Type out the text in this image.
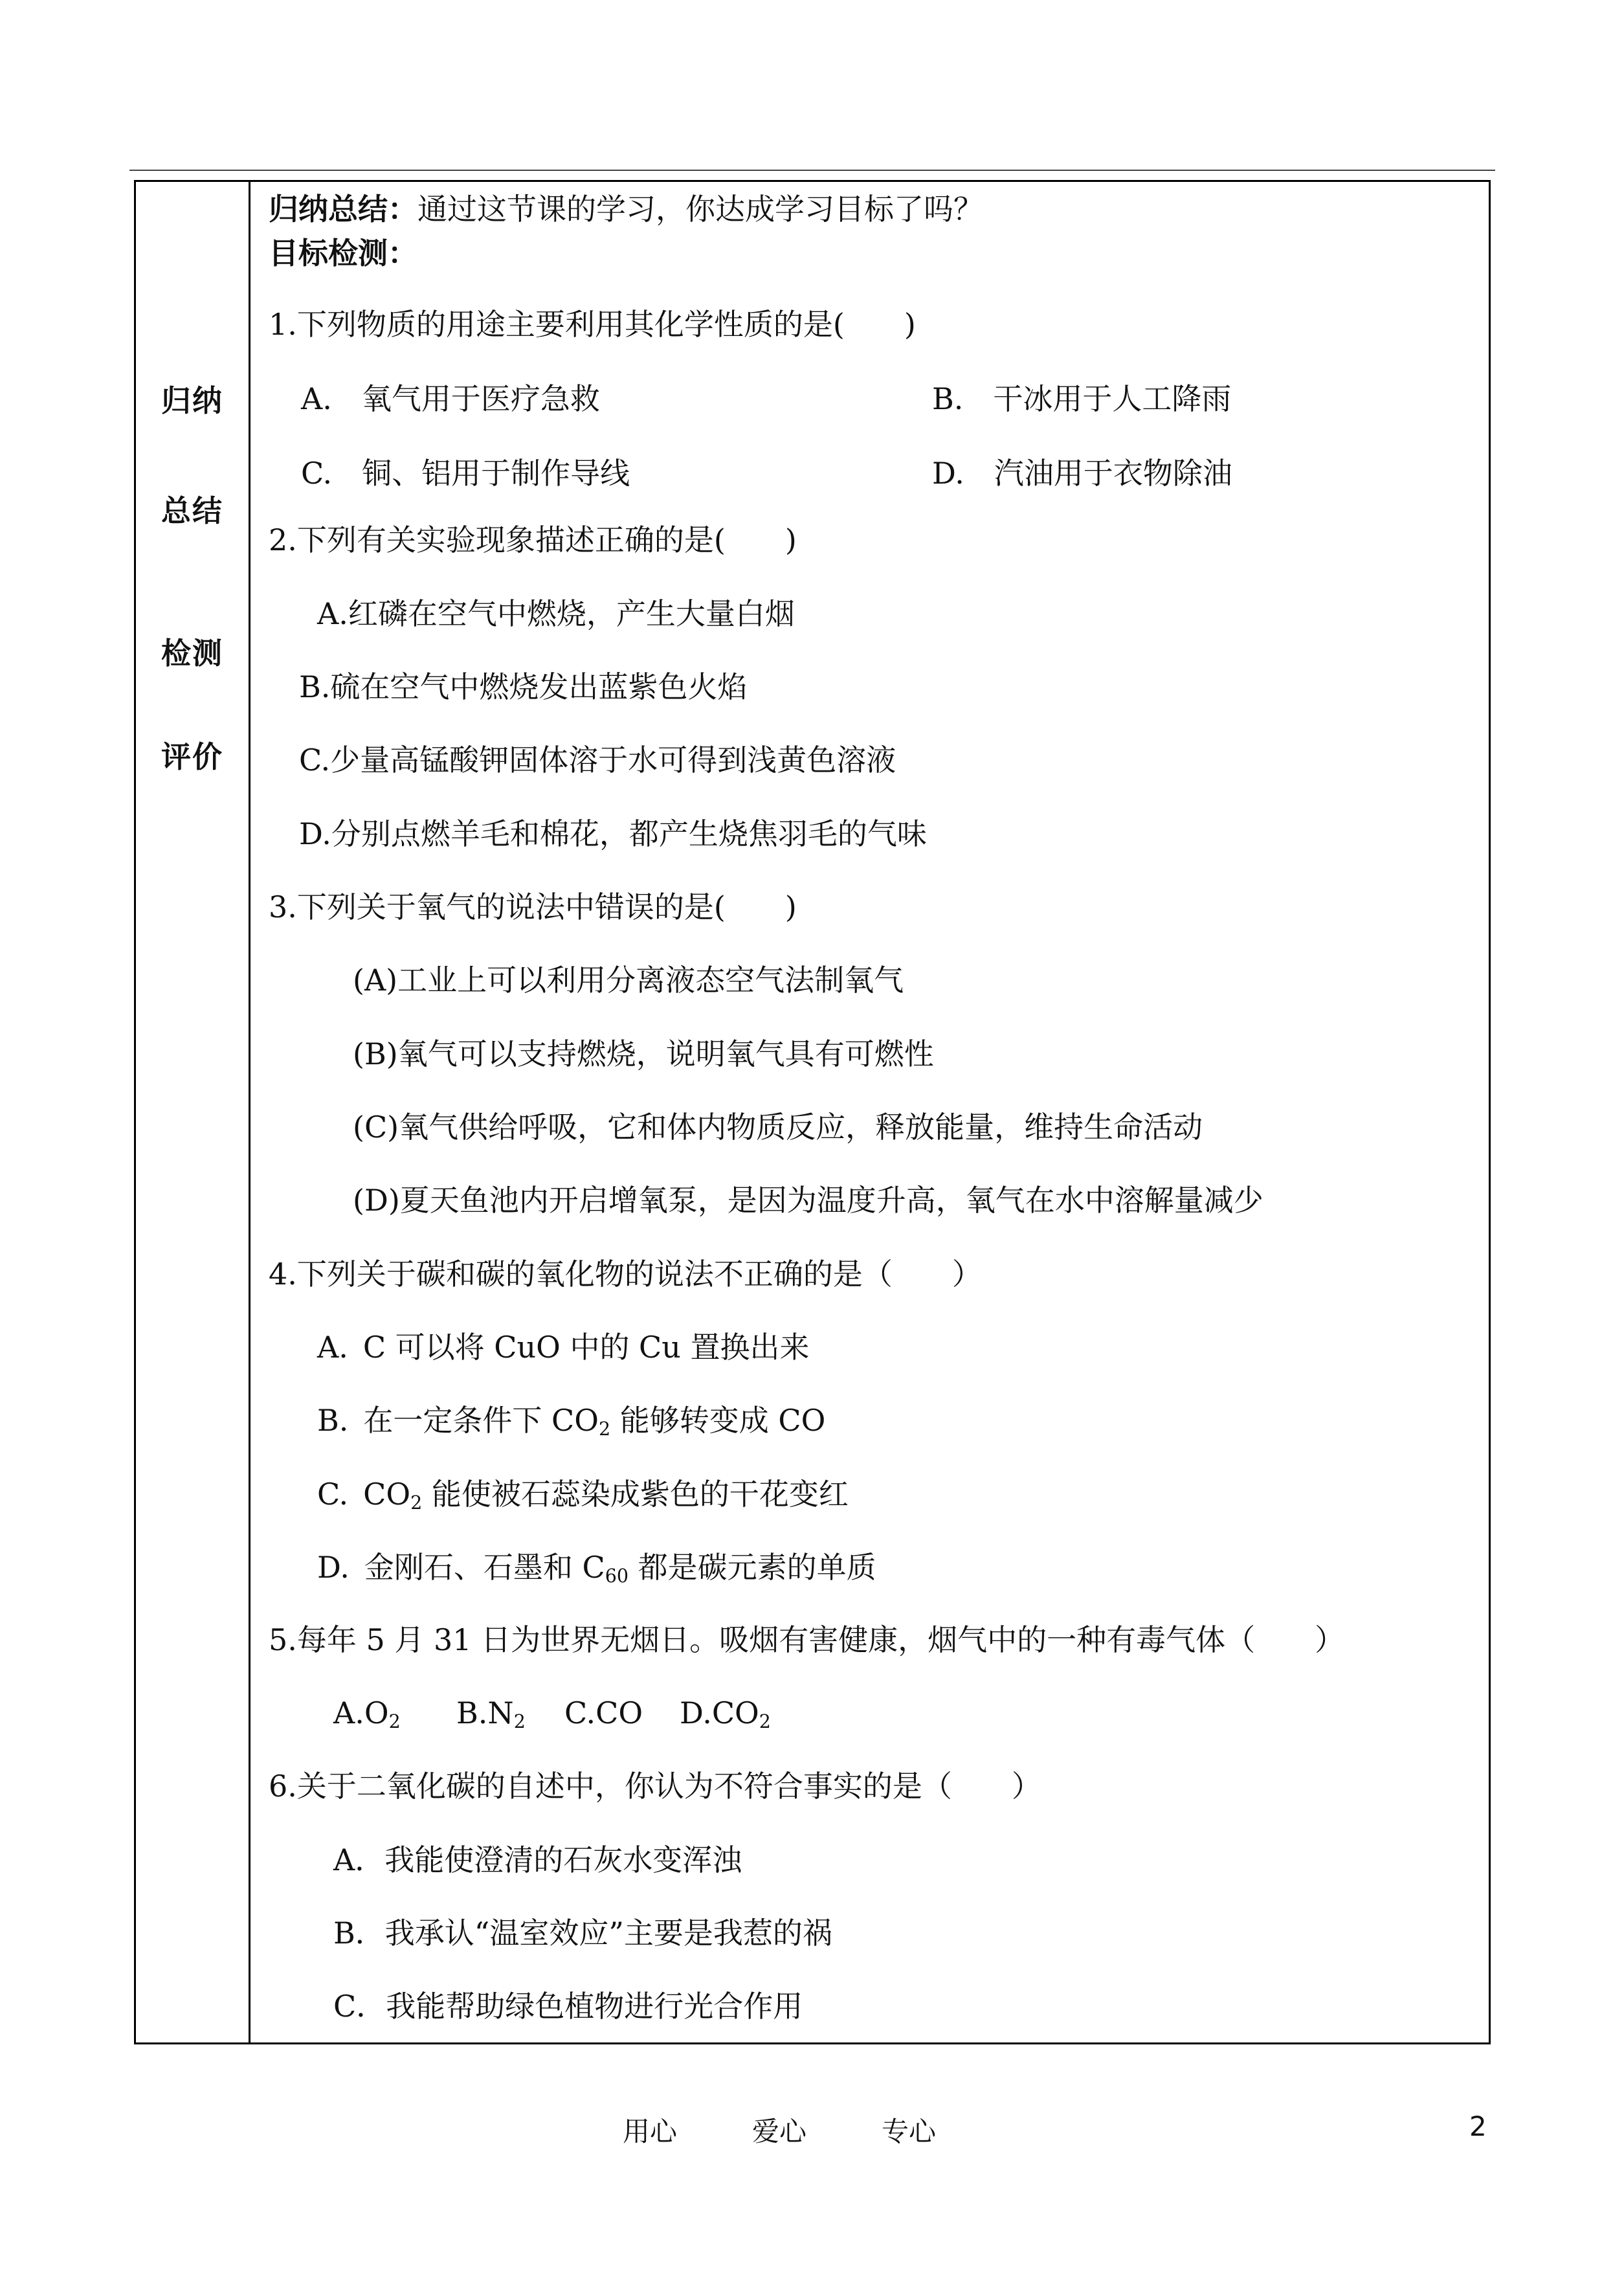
归纳
总结
检测
评价
归纳总结：通过这节课的学习，你达成学习目标了吗？
目标检测：
1.下列物质的用途主要利用其化学性质的是(　　)
A.　氧气用于医疗急救	B.　干冰用于人工降雨
C.　铜、铝用于制作导线	D.　汽油用于衣物除油
2.下列有关实验现象描述正确的是(　　)
A.红磷在空气中燃烧，产生大量白烟
B.硫在空气中燃烧发出蓝紫色火焰
C.少量高锰酸钾固体溶于水可得到浅黄色溶液
D.分别点燃羊毛和棉花，都产生烧焦羽毛的气味
3.下列关于氧气的说法中错误的是(　　)
(A)工业上可以利用分离液态空气法制氧气
(B)氧气可以支持燃烧，说明氧气具有可燃性
(C)氧气供给呼吸，它和体内物质反应，释放能量，维持生命活动
(D)夏天鱼池内开启增氧泵，是因为温度升高，氧气在水中溶解量减少
4.下列关于碳和碳的氧化物的说法不正确的是（　　）
A. C 可以将 CuO 中的 Cu 置换出来
B. 在一定条件下 $CO_2$ 能够转变成 CO
C. $CO_2$ 能使被石蕊染成紫色的干花变红
D. 金刚石、石墨和 $C_{60}$ 都是碳元素的单质
5.每年 5 月 31 日为世界无烟日。吸烟有害健康，烟气中的一种有毒气体（　　）
$A.O_2$ $B.N_2$ C.CO $D.CO_2$
6.关于二氧化碳的自述中，你认为不符合事实的是（　　）
A．我能使澄清的石灰水变浑浊
B．我承认“温室效应”主要是我惹的祸
C．我能帮助绿色植物进行光合作用
用心	爱心	专心	2
